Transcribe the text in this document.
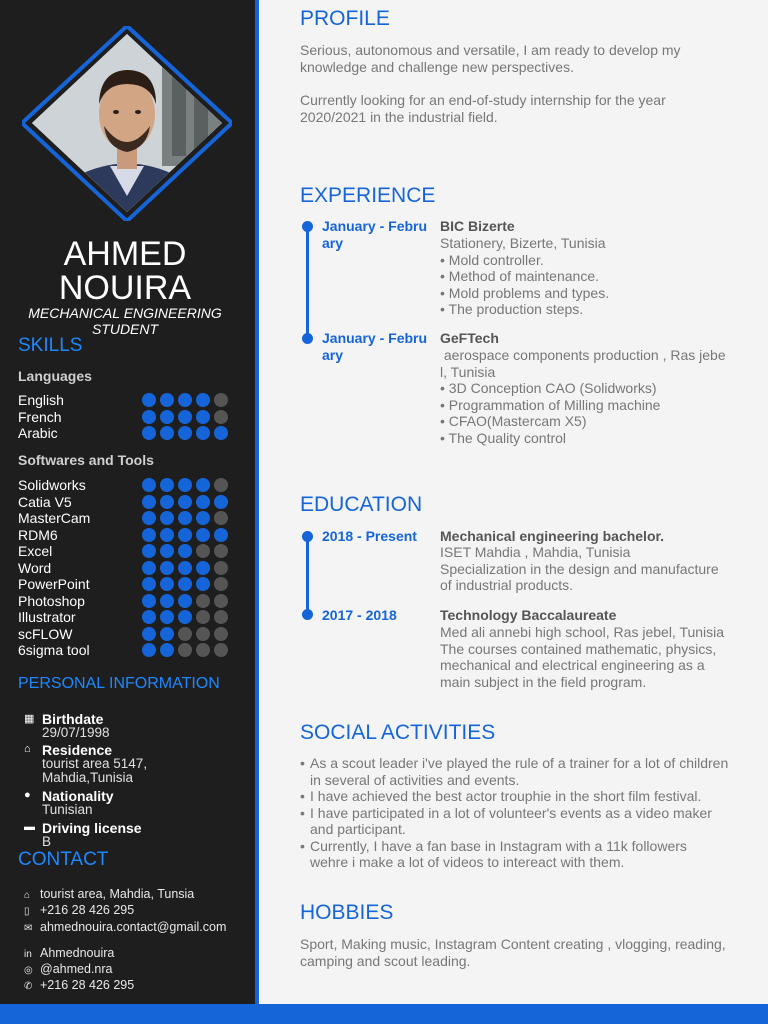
AHMED
NOUIRA
MECHANICAL ENGINEERING
STUDENT
SKILLS
Languages
English
French
Arabic
Softwares and Tools
Solidworks
Catia V5
MasterCam
RDM6
Excel
Word
PowerPoint
Photoshop
Illustrator
scFLOW
6sigma tool
PERSONAL INFORMATION
▦ Birthdate
29/07/1998
⌂ Residence
tourist area 5147,
Mahdia,Tunisia
● Nationality
Tunisian
▬ Driving license
B
CONTACT
⌂ tourist area, Mahdia, Tunsia
▯ +216 28 426 295
✉ ahmednouira.contact@gmail.com
in Ahmednouira
◎ @ahmed.nra
✆ +216 28 426 295
PROFILE
Serious, autonomous and versatile, I am ready to develop my
knowledge and challenge new perspectives.
Currently looking for an end-of-study internship for the year
2020/2021 in the industrial field.
EXPERIENCE
January - Febru
ary
BIC Bizerte
Stationery, Bizerte, Tunisia
• Mold controller.
• Method of maintenance.
• Mold problems and types.
• The production steps.
January - Febru
ary
GeFTech
aerospace components production , Ras jebe
l, Tunisia
• 3D Conception CAO (Solidworks)
• Programmation of Milling machine
• CFAO(Mastercam X5)
• The Quality control
EDUCATION
2018 - Present	Mechanical engineering bachelor.
ISET Mahdia , Mahdia, Tunisia
Specialization in the design and manufacture
of industrial products.
2017 - 2018	Technology Baccalaureate
Med ali annebi high school, Ras jebel, Tunisia
The courses contained mathematic, physics,
mechanical and electrical engineering as a
main subject in the field program.
SOCIAL ACTIVITIES
• As a scout leader i've played the rule of a trainer for a lot of children
in several of activities and events.
• I have achieved the best actor trouphie in the short film festival.
• I have participated in a lot of volunteer's events as a video maker
and participant.
• Currently, I have a fan base in Instagram with a 11k followers
wehre i make a lot of videos to intereact with them.
HOBBIES
Sport, Making music, Instagram Content creating , vlogging, reading,
camping and scout leading.
